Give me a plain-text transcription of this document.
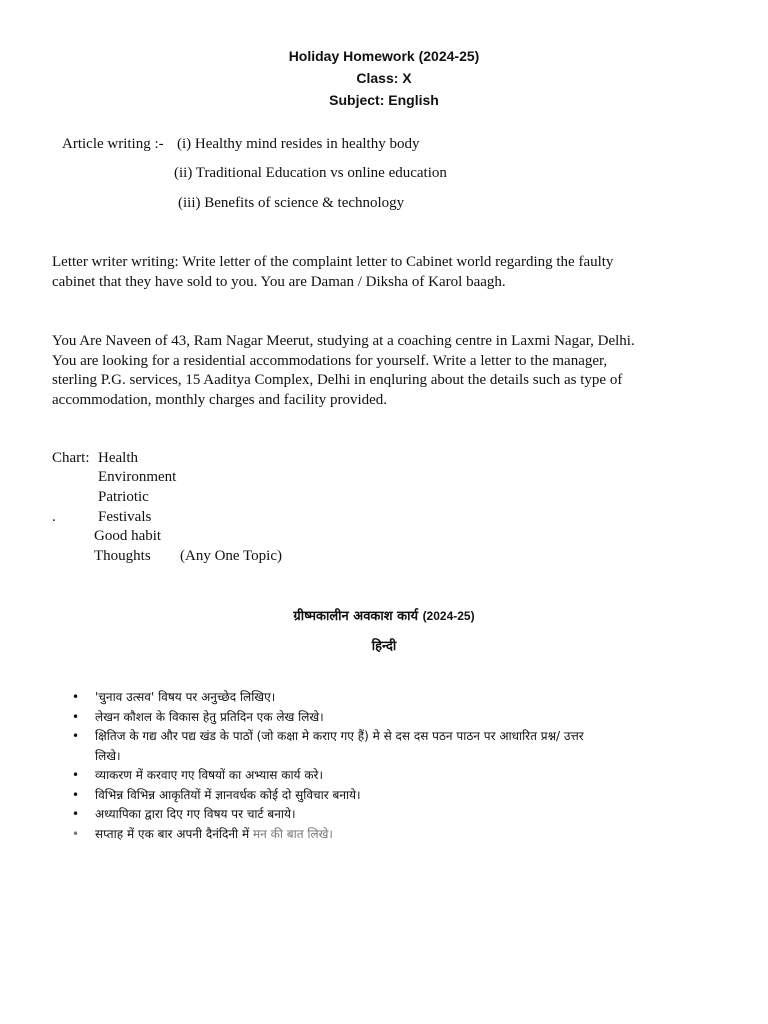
Holiday Homework (2024-25)
Class: X
Subject: English
Article writing :- (i) Healthy mind resides in healthy body
(ii) Traditional Education vs online education
(iii) Benefits of science & technology

Letter writer writing: Write letter of the complaint letter to Cabinet world regarding the faulty

cabinet that they have sold to you. You are Daman / Diksha of Karol baagh.

You Are Naveen of 43, Ram Nagar Meerut, studying at a coaching centre in Laxmi Nagar, Delhi.

You are looking for a residential accommodations for yourself. Write a letter to the manager,

sterling P.G. services, 15 Aaditya Complex, Delhi in enqluring about the details such as type of

accommodation, monthly charges and facility provided.

Chart: Health
Environment
Patriotic
.	Festivals
Good habit
Thoughts (Any One Topic)
ग्रीष्मकालीन अवकाश कार्य (2024-25)
हिन्दी
• 'चुनाव उत्सव' विषय पर अनुच्छेद लिखिए।
• लेखन कौशल के विकास हेतु प्रतिदिन एक लेख लिखे।
• क्षितिज के गद्य और पद्य खंड के पाठों (जो कक्षा मे कराए गए हैं) मे से दस दस पठन पाठन पर आधारित प्रश्न/ उत्तर
लिखे।
• व्याकरण में करवाए गए विषयों का अभ्यास कार्य करे।
• विभिन्न विभिन्न आकृतियों में ज्ञानवर्धक कोई दो सुविचार बनाये।
• अध्यापिका द्वारा दिए गए विषय पर चार्ट बनाये।
• सप्ताह में एक बार अपनी दैनंदिनी में मन की बात लिखे।
